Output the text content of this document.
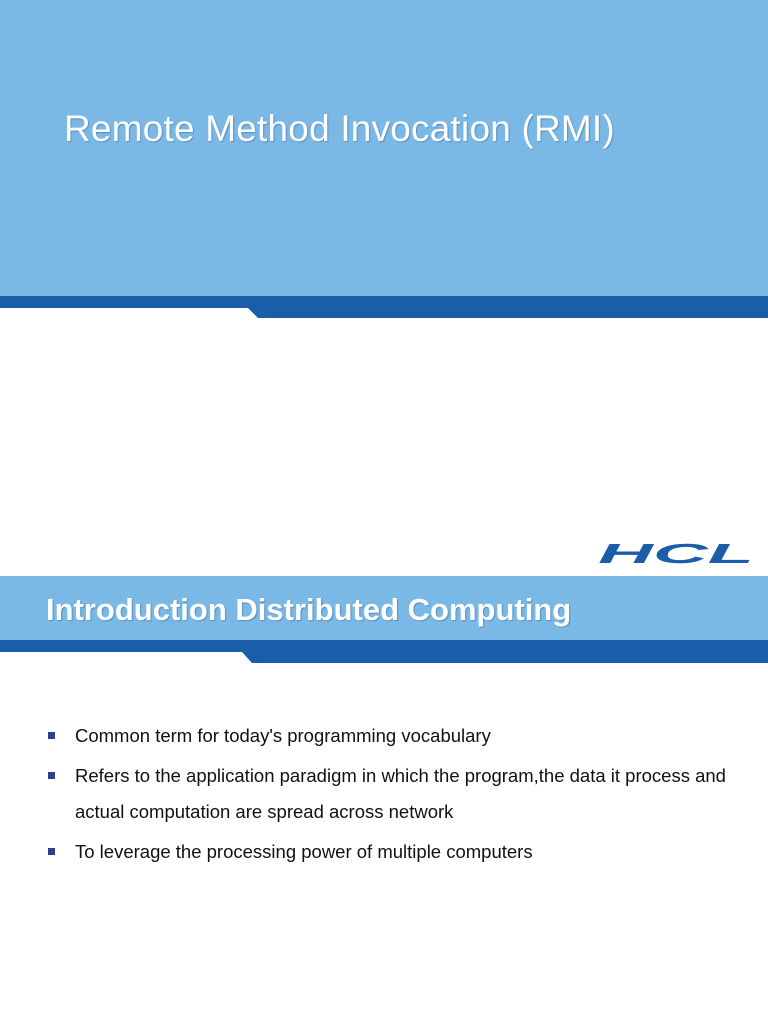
Remote Method Invocation (RMI)
HCL
Introduction Distributed Computing
Common term for today's programming vocabulary
Refers to the application paradigm in which the program,the data it process and actual computation are spread across network
To leverage the processing power of multiple computers
